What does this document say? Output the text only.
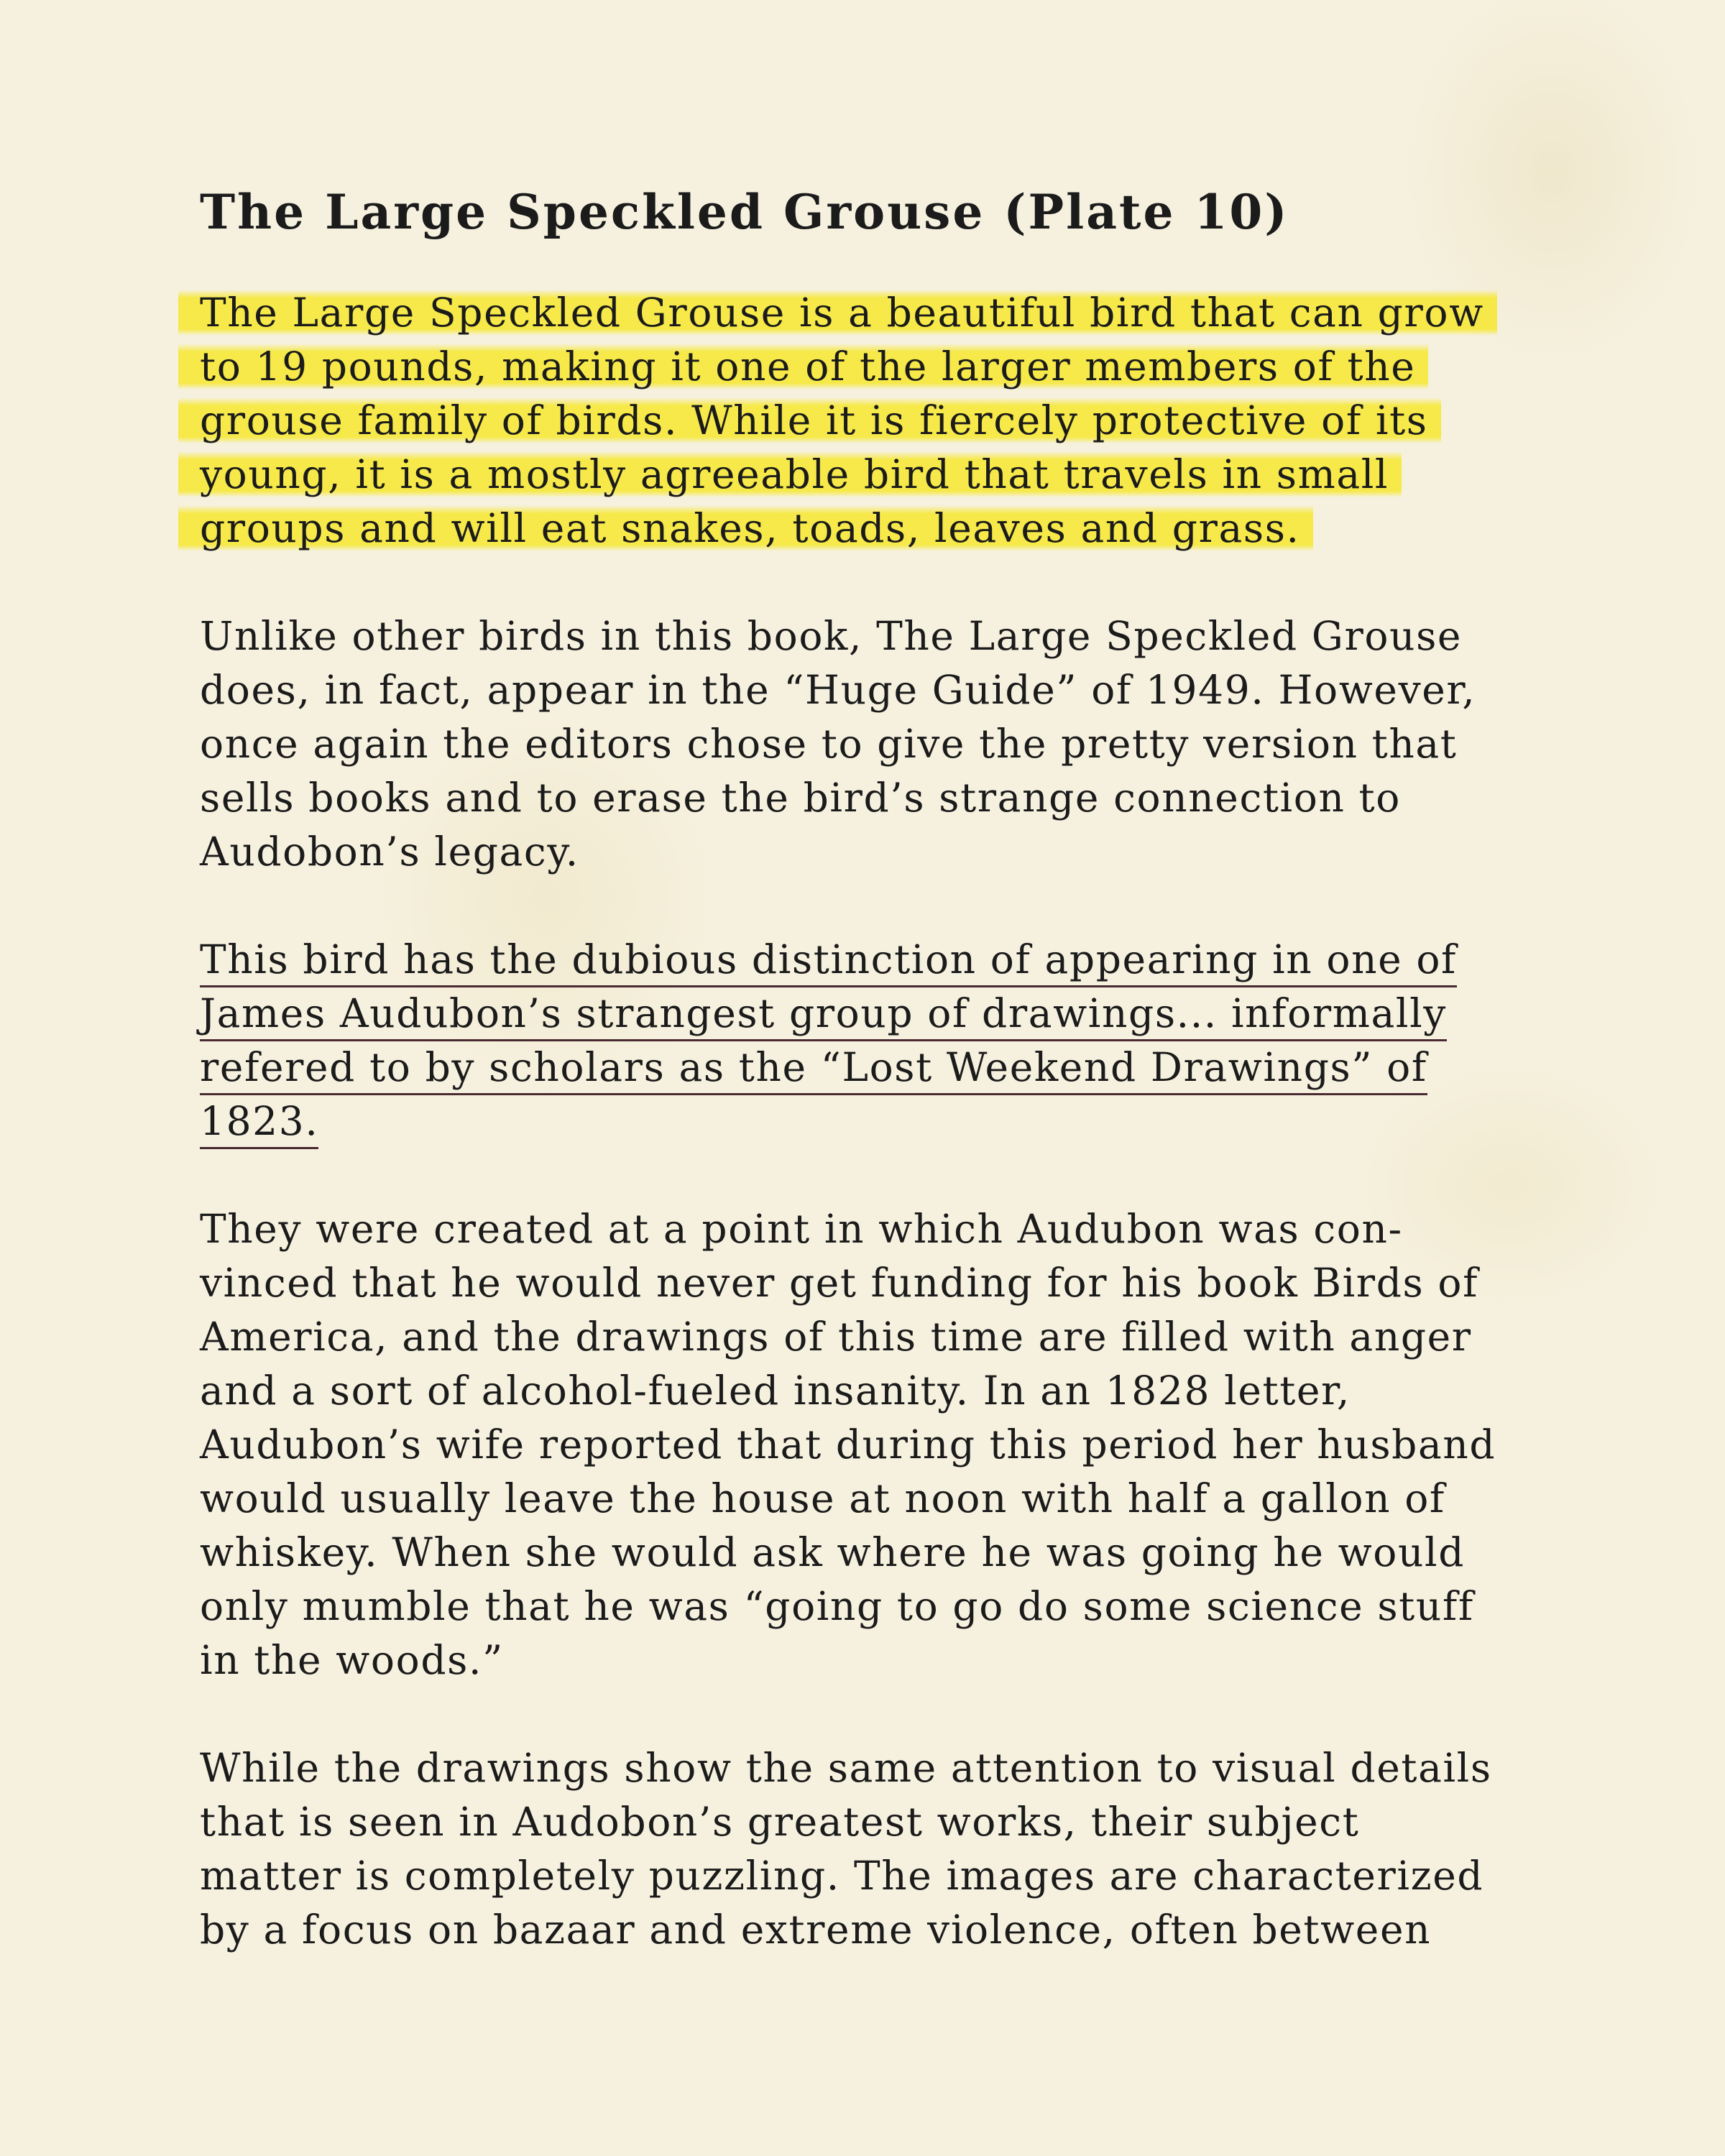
The Large Speckled Grouse (Plate 10)
The Large Speckled Grouse is a beautiful bird that can grow
to 19 pounds, making it one of the larger members of the
grouse family of birds. While it is fiercely protective of its
young, it is a mostly agreeable bird that travels in small
groups and will eat snakes, toads, leaves and grass.
Unlike other birds in this book, The Large Speckled Grouse
does, in fact, appear in the “Huge Guide” of 1949. However,
once again the editors chose to give the pretty version that
sells books and to erase the bird’s strange connection to
Audobon’s legacy.
This bird has the dubious distinction of appearing in one of
James Audubon’s strangest group of drawings... informally
refered to by scholars as the “Lost Weekend Drawings” of
1823.
They were created at a point in which Audubon was con-
vinced that he would never get funding for his book Birds of
America, and the drawings of this time are filled with anger
and a sort of alcohol-fueled insanity. In an 1828 letter,
Audubon’s wife reported that during this period her husband
would usually leave the house at noon with half a gallon of
whiskey. When she would ask where he was going he would
only mumble that he was “going to go do some science stuff
in the woods.”
While the drawings show the same attention to visual details
that is seen in Audobon’s greatest works, their subject
matter is completely puzzling. The images are characterized
by a focus on bazaar and extreme violence, often between
